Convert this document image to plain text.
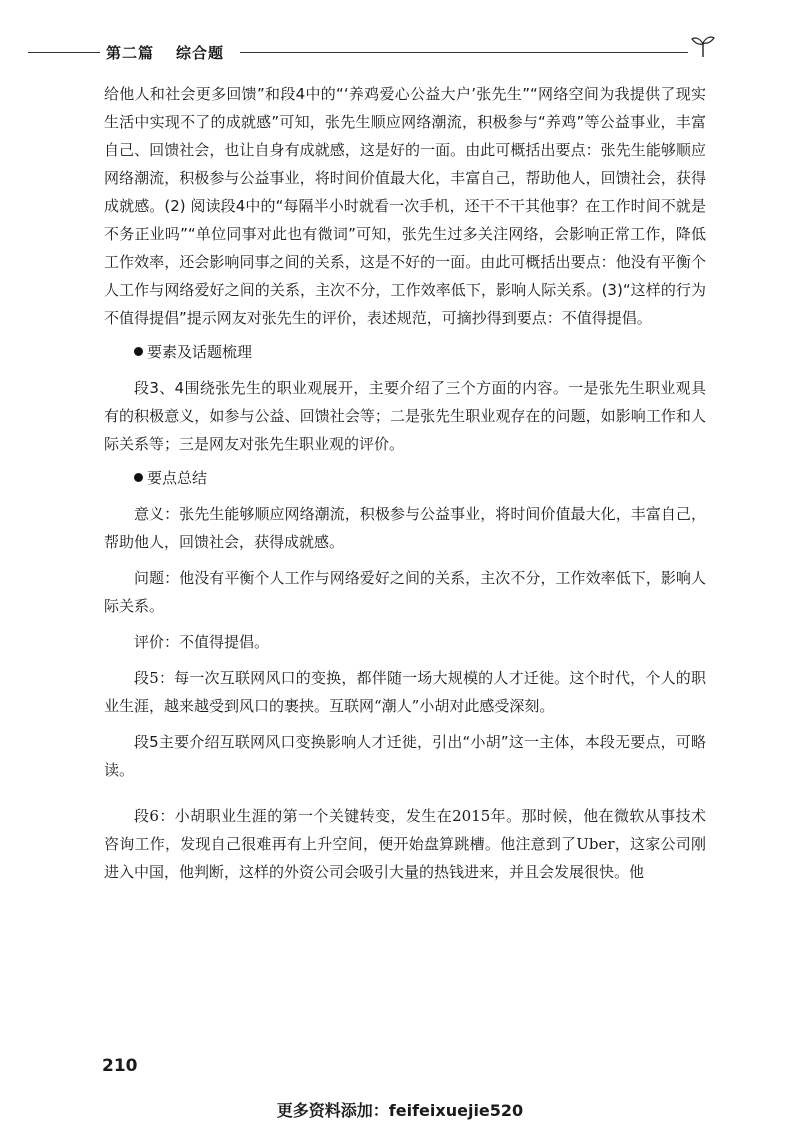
第二篇 综合题

给他人和社会更多回馈”和段4中的“‘养鸡爱心公益大户’张先生”“网络空间为我提供了现实生活中实现不了的成就感”可知，张先生顺应网络潮流，积极参与“养鸡”等公益事业，丰富自己、回馈社会，也让自身有成就感，这是好的一面。由此可概括出要点：张先生能够顺应网络潮流，积极参与公益事业，将时间价值最大化，丰富自己，帮助他人，回馈社会，获得成就感。(2) 阅读段4中的“每隔半小时就看一次手机，还干不干其他事？在工作时间不就是不务正业吗”“单位同事对此也有微词”可知，张先生过多关注网络，会影响正常工作，降低工作效率，还会影响同事之间的关系，这是不好的一面。由此可概括出要点：他没有平衡个人工作与网络爱好之间的关系，主次不分，工作效率低下，影响人际关系。(3)“这样的行为不值得提倡”提示网友对张先生的评价，表述规范，可摘抄得到要点：不值得提倡。

要素及话题梳理

段3、4围绕张先生的职业观展开，主要介绍了三个方面的内容。一是张先生职业观具有的积极意义，如参与公益、回馈社会等；二是张先生职业观存在的问题，如影响工作和人际关系等；三是网友对张先生职业观的评价。

要点总结

意义：张先生能够顺应网络潮流，积极参与公益事业，将时间价值最大化，丰富自己，帮助他人，回馈社会，获得成就感。

问题：他没有平衡个人工作与网络爱好之间的关系，主次不分，工作效率低下，影响人际关系。

评价：不值得提倡。

段5：每一次互联网风口的变换，都伴随一场大规模的人才迁徙。这个时代，个人的职业生涯，越来越受到风口的裹挟。互联网“潮人”小胡对此感受深刻。

段5主要介绍互联网风口变换影响人才迁徙，引出“小胡”这一主体，本段无要点，可略读。

段6：小胡职业生涯的第一个关键转变，发生在2015年。那时候，他在微软从事技术咨询工作，发现自己很难再有上升空间，便开始盘算跳槽。他注意到了Uber，这家公司刚进入中国，他判断，这样的外资公司会吸引大量的热钱进来，并且会发展很快。他

210
更多资料添加：feifeixuejie520
